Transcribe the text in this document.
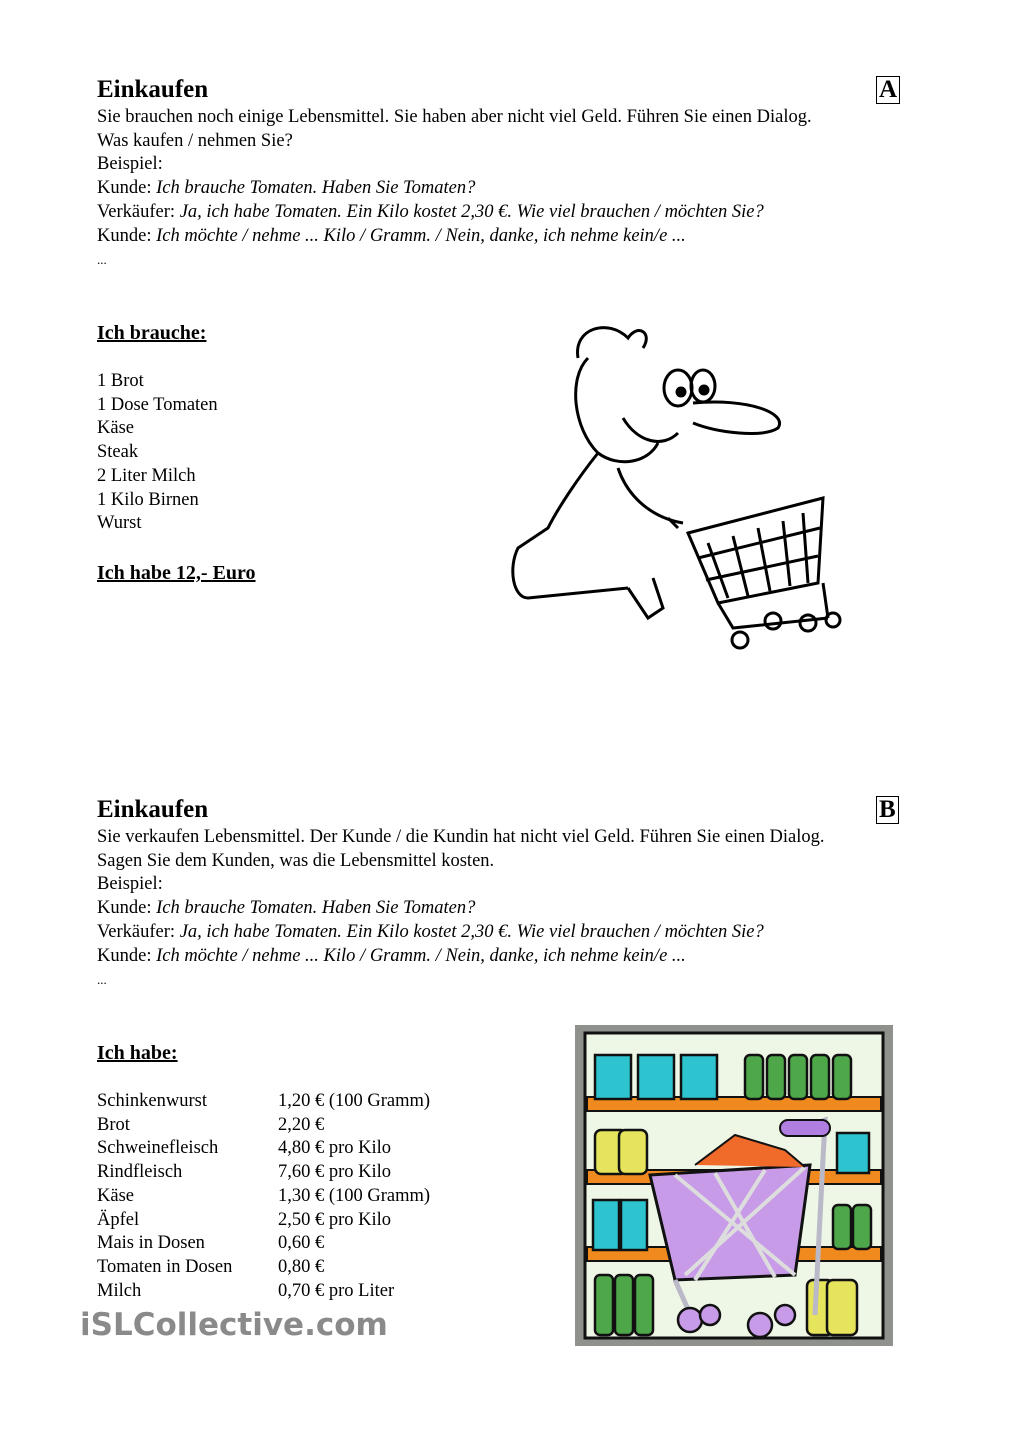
Einkaufen	A
Sie brauchen noch einige Lebensmittel. Sie haben aber nicht viel Geld. Führen Sie einen Dialog.
Was kaufen / nehmen Sie?
Beispiel:
Kunde: Ich brauche Tomaten. Haben Sie Tomaten?
Verkäufer: Ja, ich habe Tomaten. Ein Kilo kostet 2,30 €. Wie viel brauchen / möchten Sie?
Kunde: Ich möchte / nehme ... Kilo / Gramm. / Nein, danke, ich nehme kein/e ...
...
Ich brauche:
1 Brot
1 Dose Tomaten
Käse
Steak
2 Liter Milch
1 Kilo Birnen
Wurst
Ich habe 12,- Euro
Einkaufen	B
Sie verkaufen Lebensmittel. Der Kunde / die Kundin hat nicht viel Geld. Führen Sie einen Dialog.
Sagen Sie dem Kunden, was die Lebensmittel kosten.
Beispiel:
Kunde: Ich brauche Tomaten. Haben Sie Tomaten?
Verkäufer: Ja, ich habe Tomaten. Ein Kilo kostet 2,30 €. Wie viel brauchen / möchten Sie?
Kunde: Ich möchte / nehme ... Kilo / Gramm. / Nein, danke, ich nehme kein/e ...
...
Ich habe:
Schinkenwurst	1,20 € (100 Gramm)
Brot	2,20 €
Schweinefleisch	4,80 € pro Kilo
Rindfleisch	7,60 € pro Kilo
Käse	1,30 € (100 Gramm)
Äpfel	2,50 € pro Kilo
Mais in Dosen	0,60 €
Tomaten in Dosen	0,80 €
Milch	0,70 € pro Liter
iSLCollective.com
